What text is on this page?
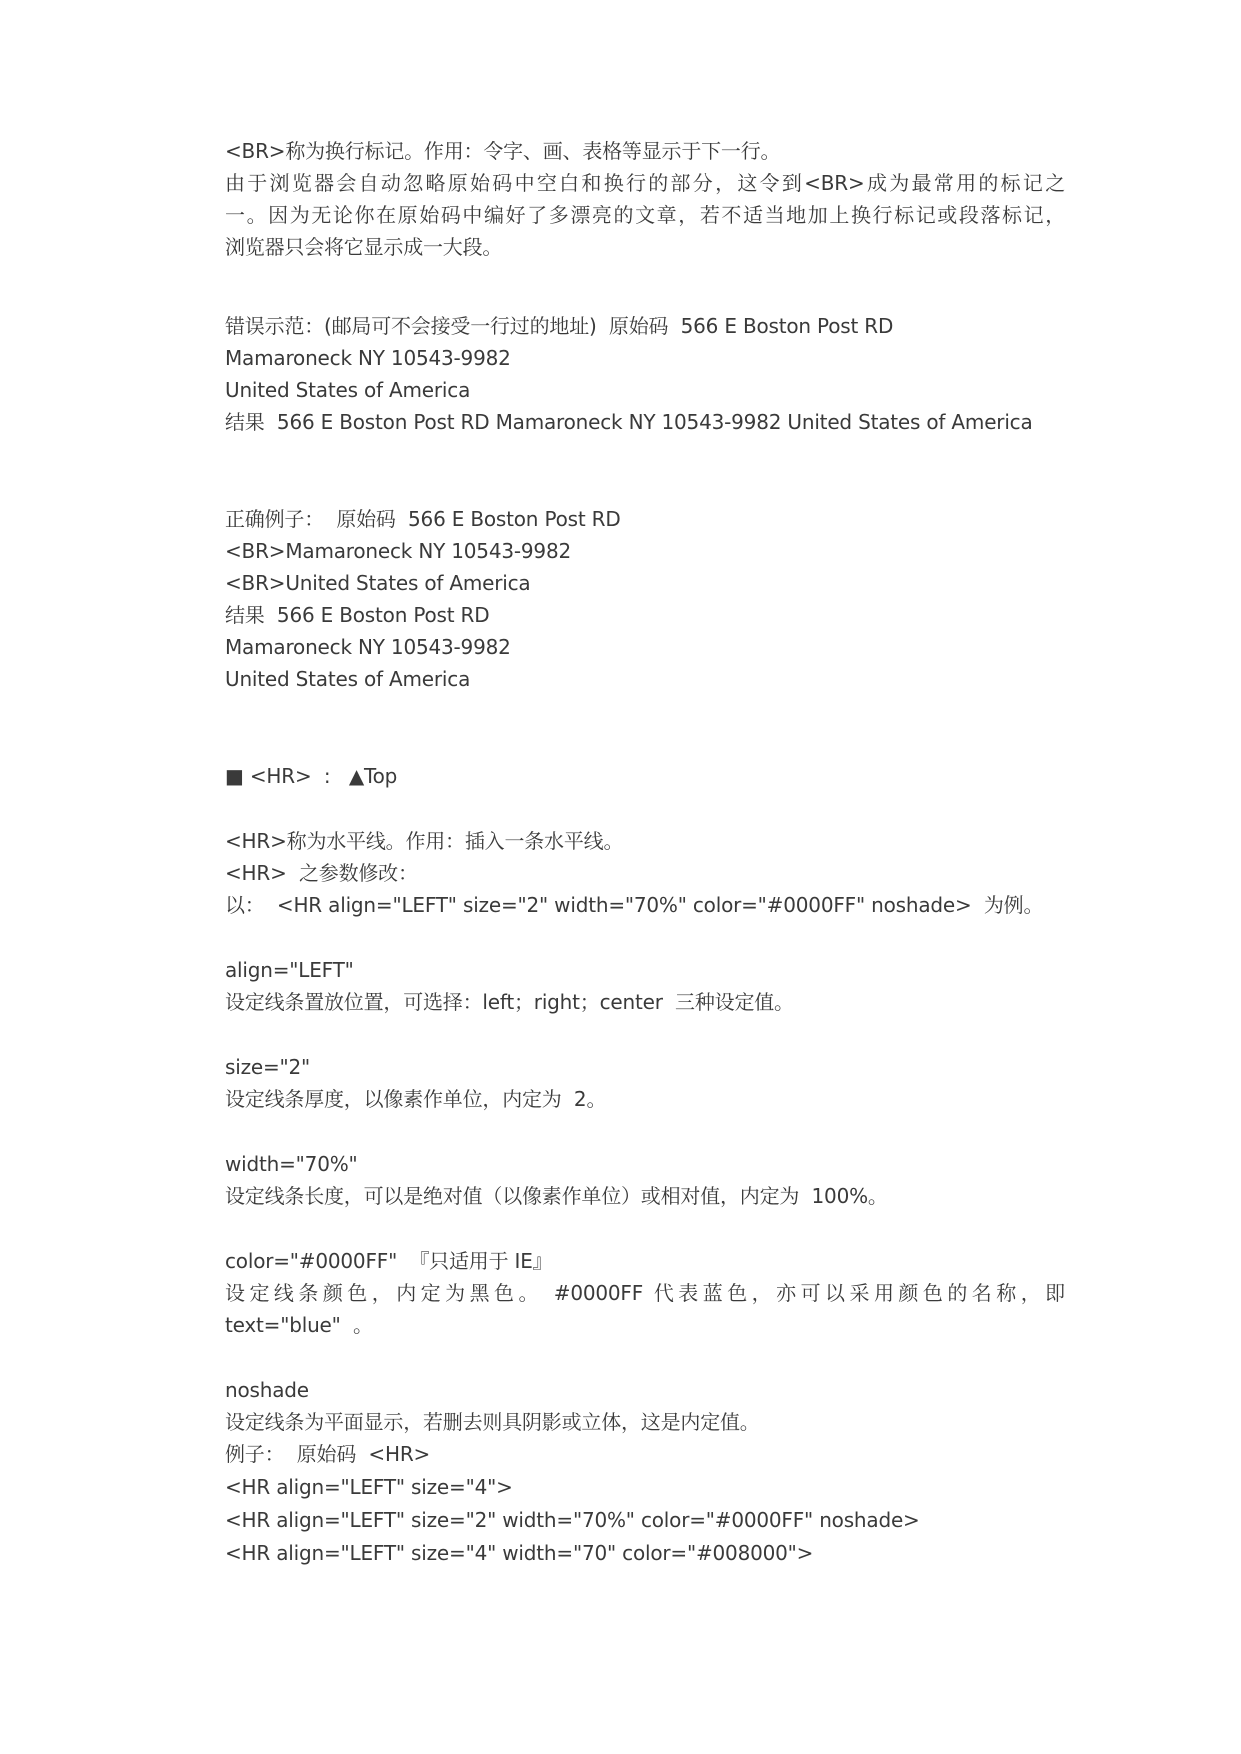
<BR>称为换行标记。作用：令字、画、表格等显示于下一行。
由于浏览器会自动忽略原始码中空白和换行的部分，这令到<BR>成为最常用的标记之
一。因为无论你在原始码中编好了多漂亮的文章，若不适当地加上换行标记或段落标记，
浏览器只会将它显示成一大段。
错误示范：(邮局可不会接受一行过的地址)  原始码  566 E Boston Post RD
Mamaroneck NY 10543-9982
United States of America
结果  566 E Boston Post RD Mamaroneck NY 10543-9982 United States of America
正确例子：  原始码  566 E Boston Post RD
<BR>Mamaroneck NY 10543-9982
<BR>United States of America
结果  566 E Boston Post RD
Mamaroneck NY 10543-9982
United States of America
■ <HR>  :   ▲Top
<HR>称为水平线。作用：插入一条水平线。
<HR>  之参数修改：
以：  <HR align="LEFT" size="2" width="70%" color="#0000FF" noshade>  为例。
align="LEFT"
设定线条置放位置，可选择：left；right；center  三种设定值。
size="2"
设定线条厚度，以像素作单位，内定为  2。
width="70%"
设定线条长度，可以是绝对值（以像素作单位）或相对值，内定为  100%。
color="#0000FF"  『只适用于 IE』
设定线条颜色，内定为黑色。 #0000FF 代表蓝色，亦可以采用颜色的名称，即
text="blue"  。
noshade
设定线条为平面显示，若删去则具阴影或立体，这是内定值。
例子：  原始码  <HR>
<HR align="LEFT" size="4">
<HR align="LEFT" size="2" width="70%" color="#0000FF" noshade>
<HR align="LEFT" size="4" width="70" color="#008000">
